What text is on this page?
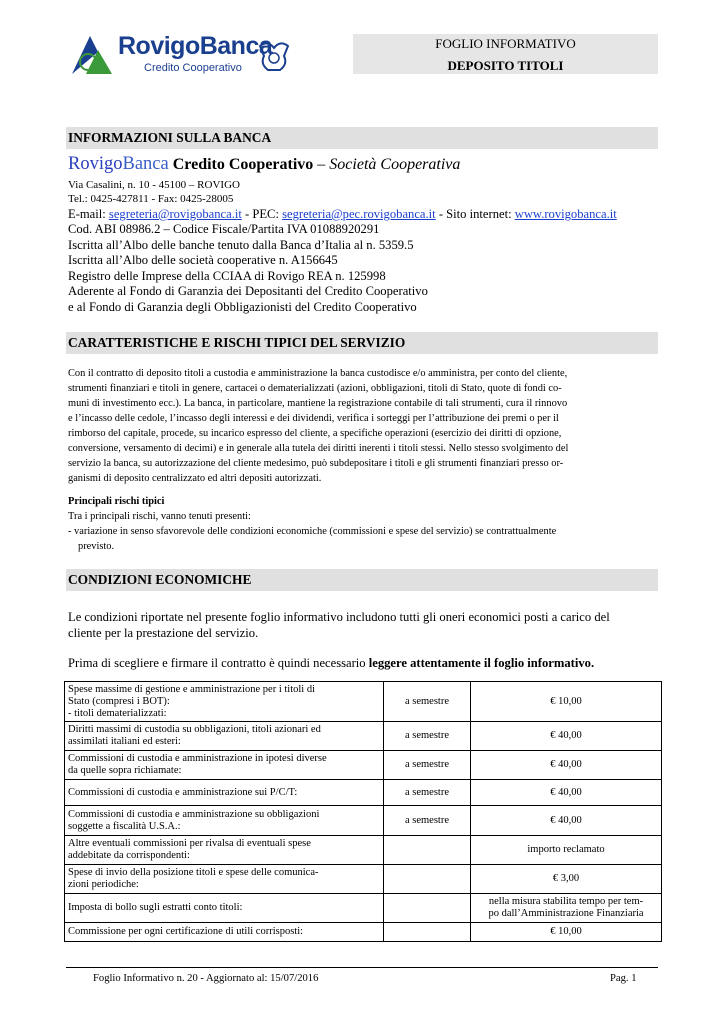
RovigoBanca
Credito Cooperativo
FOGLIO INFORMATIVO
DEPOSITO TITOLI
INFORMAZIONI SULLA BANCA
RovigoBanca Credito Cooperativo – Società Cooperativa
Via Casalini, n. 10 - 45100 – ROVIGO
Tel.: 0425-427811 - Fax: 0425-28005
E-mail: segreteria@rovigobanca.it - PEC: segreteria@pec.rovigobanca.it - Sito internet: www.rovigobanca.it
Cod. ABI 08986.2 – Codice Fiscale/Partita IVA 01088920291
Iscritta all’Albo delle banche tenuto dalla Banca d’Italia al n. 5359.5
Iscritta all’Albo delle società cooperative n. A156645
Registro delle Imprese della CCIAA di Rovigo REA n. 125998
Aderente al Fondo di Garanzia dei Depositanti del Credito Cooperativo
e al Fondo di Garanzia degli Obbligazionisti del Credito Cooperativo
CARATTERISTICHE E RISCHI TIPICI DEL SERVIZIO
Con il contratto di deposito titoli a custodia e amministrazione la banca custodisce e/o amministra, per conto del cliente,
strumenti finanziari e titoli in genere, cartacei o dematerializzati (azioni, obbligazioni, titoli di Stato, quote di fondi co-
muni di investimento ecc.). La banca, in particolare, mantiene la registrazione contabile di tali strumenti, cura il rinnovo
e l’incasso delle cedole, l’incasso degli interessi e dei dividendi, verifica i sorteggi per l’attribuzione dei premi o per il
rimborso del capitale, procede, su incarico espresso del cliente, a specifiche operazioni (esercizio dei diritti di opzione,
conversione, versamento di decimi) e in generale alla tutela dei diritti inerenti i titoli stessi. Nello stesso svolgimento del
servizio la banca, su autorizzazione del cliente medesimo, può subdepositare i titoli e gli strumenti finanziari presso or-
ganismi di deposito centralizzato ed altri depositi autorizzati.
Principali rischi tipici
Tra i principali rischi, vanno tenuti presenti:
- variazione in senso sfavorevole delle condizioni economiche (commissioni e spese del servizio) se contrattualmente
previsto.
CONDIZIONI ECONOMICHE
Le condizioni riportate nel presente foglio informativo includono tutti gli oneri economici posti a carico del
cliente per la prestazione del servizio.
Prima di scegliere e firmare il contratto è quindi necessario leggere attentamente il foglio informativo.
Spese massime di gestione e amministrazione per i titoli di
Stato (compresi i BOT):
- titoli dematerializzati:	a semestre	€ 10,00
Diritti massimi di custodia su obbligazioni, titoli azionari ed
assimilati italiani ed esteri:	a semestre	€ 40,00
Commissioni di custodia e amministrazione in ipotesi diverse
da quelle sopra richiamate:	a semestre	€ 40,00
Commissioni di custodia e amministrazione sui P/C/T:	a semestre	€ 40,00
Commissioni di custodia e amministrazione su obbligazioni
soggette a fiscalità U.S.A.:	a semestre	€ 40,00
Altre eventuali commissioni per rivalsa di eventuali spese
addebitate da corrispondenti:		importo reclamato
Spese di invio della posizione titoli e spese delle comunica-
zioni periodiche:		€ 3,00
Imposta di bollo sugli estratti conto titoli:		nella misura stabilita tempo per tem-
po dall’Amministrazione Finanziaria
Commissione per ogni certificazione di utili corrisposti:		€ 10,00
Foglio Informativo n. 20 - Aggiornato al: 15/07/2016	Pag. 1
